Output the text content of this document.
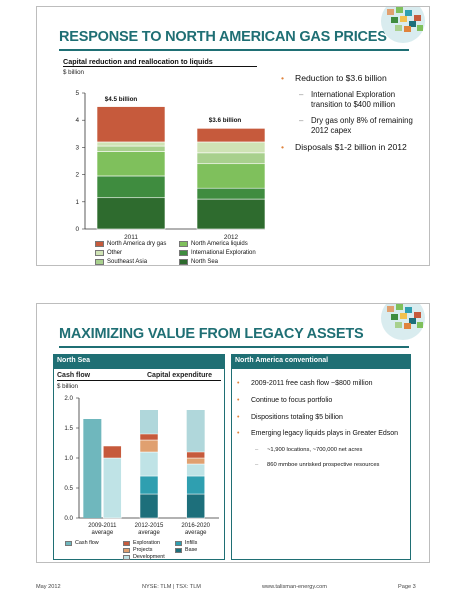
RESPONSE TO NORTH AMERICAN GAS PRICES
Capital reduction and reallocation to liquids
$ billion
0
1
2
3
4
5
2011	2012
$4.5 billion
$3.6 billion
North America dry gas	North America liquids
Other	International Exploration
Southeast Asia	North Sea
• Reduction to $3.6 billion
– International Exploration transition to $400 million
– Dry gas only 8% of remaining 2012 capex
• Disposals $1-2 billion in 2012
MAXIMIZING VALUE FROM LEGACY ASSETS
North Sea	North America conventional
Cash flow	Capital expenditure
$ billion
0.0
0.5
1.0
1.5
2.0
2009-2011
average
2012-2015
average
2016-2020
average
Cash flow	Exploration	Infills
Projects	Base
Development
• 2009-2011 free cash flow ~$800 million
• Continue to focus portfolio
• Dispositions totaling $5 billion
• Emerging legacy liquids plays in Greater Edson
– ~1,900 locations, ~700,000 net acres
– 860 mmboe unrisked prospective resources
May 2012	NYSE: TLM | TSX: TLM	www.talisman-energy.com	Page 3
